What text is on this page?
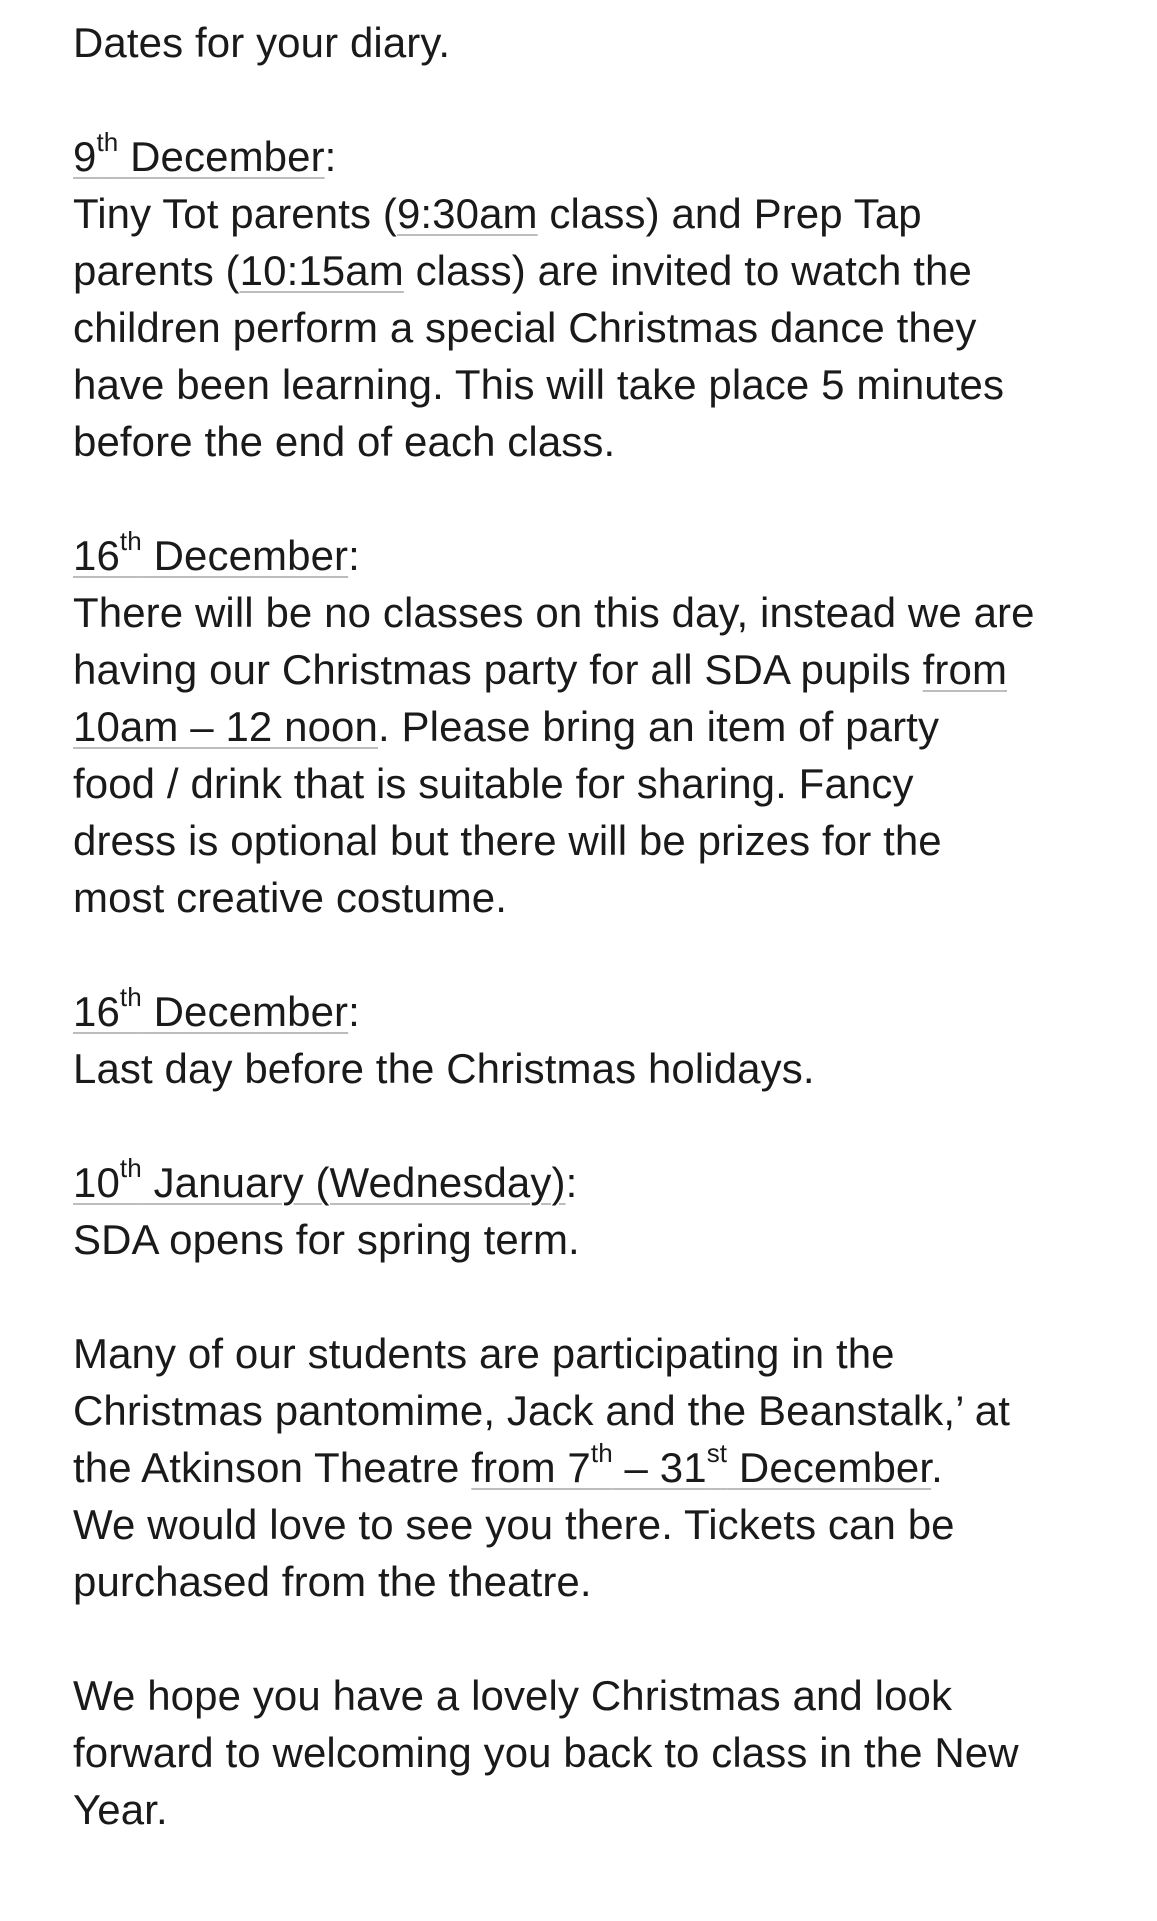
Dates for your diary.

9th December:
Tiny Tot parents (9:30am class) and Prep Tap
parents (10:15am class) are invited to watch the
children perform a special Christmas dance they
have been learning. This will take place 5 minutes
before the end of each class.

16th December:
There will be no classes on this day, instead we are
having our Christmas party for all SDA pupils from
10am – 12 noon. Please bring an item of party
food / drink that is suitable for sharing. Fancy
dress is optional but there will be prizes for the
most creative costume.

16th December:
Last day before the Christmas holidays.

10th January (Wednesday):
SDA opens for spring term.

Many of our students are participating in the
Christmas pantomime, Jack and the Beanstalk,’ at
the Atkinson Theatre from 7th – 31st December.
We would love to see you there. Tickets can be
purchased from the theatre.

We hope you have a lovely Christmas and look
forward to welcoming you back to class in the New
Year.
